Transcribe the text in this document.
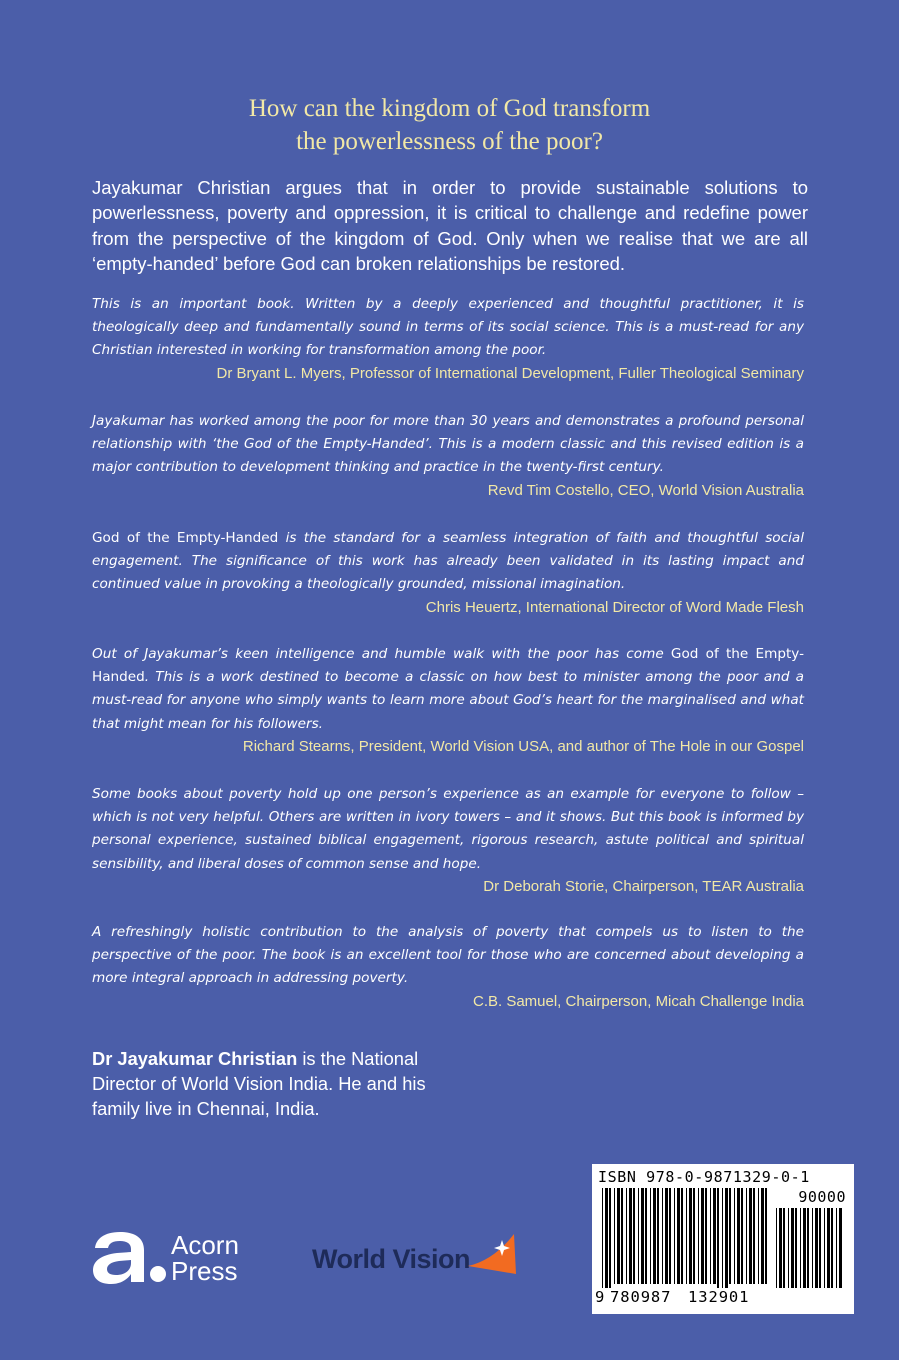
How can the kingdom of God transform
the powerlessness of the poor?
Jayakumar Christian argues that in order to provide sustainable solutions to powerlessness, poverty and oppression, it is critical to challenge and redefine power from the perspective of the kingdom of God. Only when we realise that we are all ‘empty-handed’ before God can broken relationships be restored.
This is an important book. Written by a deeply experienced and thoughtful practitioner, it is theologically deep and fundamentally sound in terms of its social science. This is a must-read for any Christian interested in working for transformation among the poor.
Dr Bryant L. Myers, Professor of International Development, Fuller Theological Seminary
Jayakumar has worked among the poor for more than 30 years and demonstrates a profound personal relationship with ‘the God of the Empty-Handed’. This is a modern classic and this revised edition is a major contribution to development thinking and practice in the twenty-first century.
Revd Tim Costello, CEO, World Vision Australia
God of the Empty-Handed is the standard for a seamless integration of faith and thoughtful social engagement. The significance of this work has already been validated in its lasting impact and continued value in provoking a theologically grounded, missional imagination.
Chris Heuertz, International Director of Word Made Flesh
Out of Jayakumar’s keen intelligence and humble walk with the poor has come God of the Empty-Handed. This is a work destined to become a classic on how best to minister among the poor and a must-read for anyone who simply wants to learn more about God’s heart for the marginalised and what that might mean for his followers.
Richard Stearns, President, World Vision USA, and author of The Hole in our Gospel
Some books about poverty hold up one person’s experience as an example for everyone to follow – which is not very helpful. Others are written in ivory towers – and it shows. But this book is informed by personal experience, sustained biblical engagement, rigorous research, astute political and spiritual sensibility, and liberal doses of common sense and hope.
Dr Deborah Storie, Chairperson, TEAR Australia
A refreshingly holistic contribution to the analysis of poverty that compels us to listen to the perspective of the poor. The book is an excellent tool for those who are concerned about developing a more integral approach in addressing poverty.
C.B. Samuel, Chairperson, Micah Challenge India
Dr Jayakumar Christian is the National Director of World Vision India. He and his family live in Chennai, India.
Acorn
Press	World Vision
ISBN 978-0-9871329-0-1
90000
9 780987 132901
